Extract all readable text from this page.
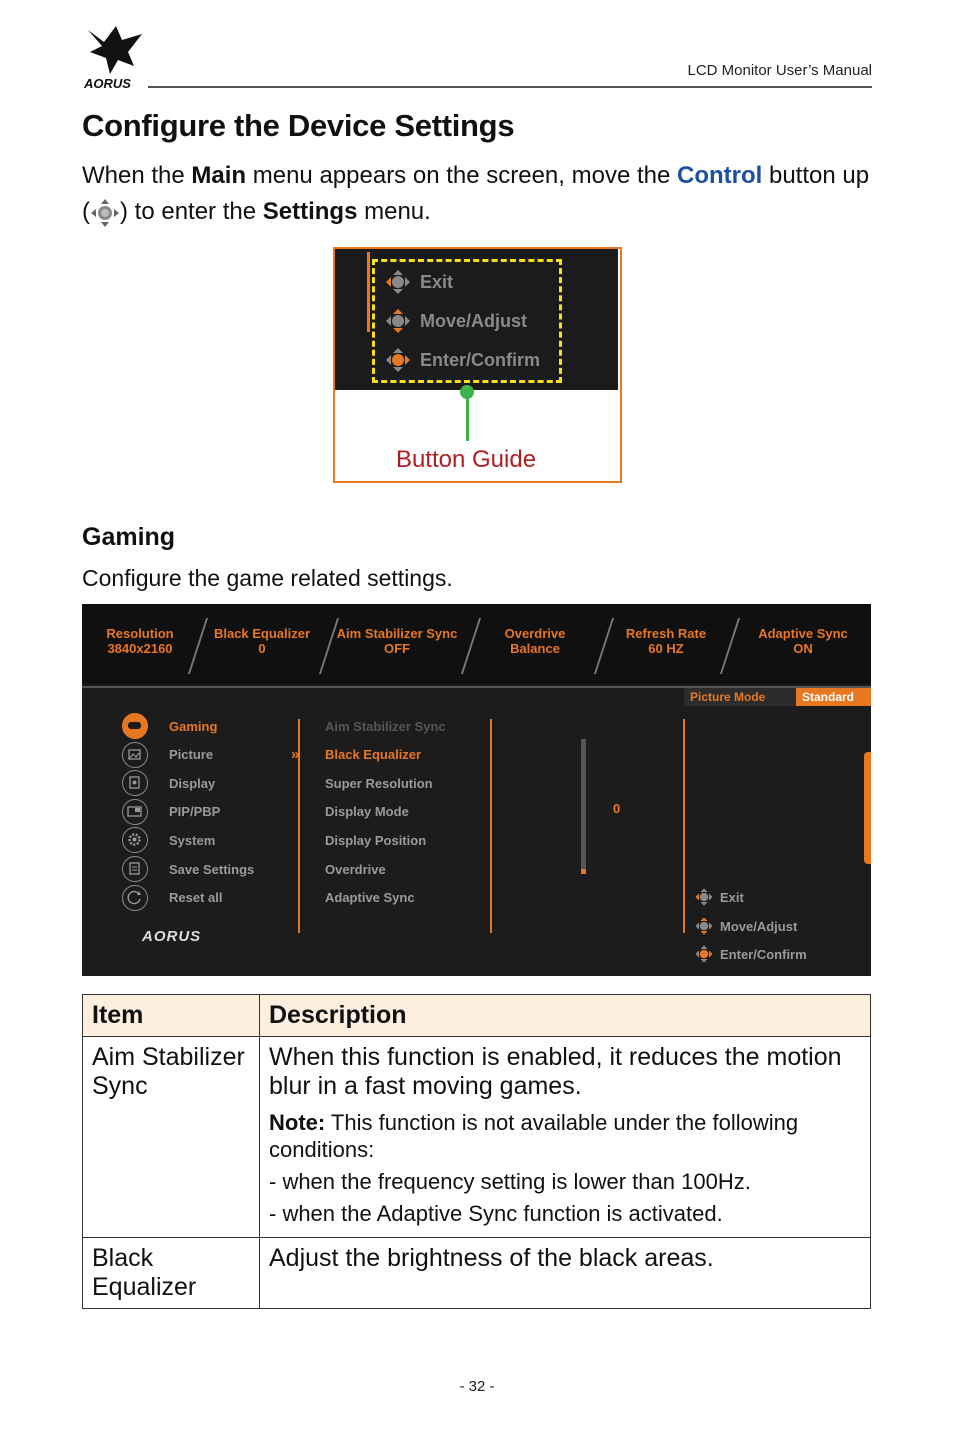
AORUS
LCD Monitor User’s Manual
Configure the Device Settings
When the Main menu appears on the screen, move the Control button up ( ) to enter the Settings menu.
Exit
Move/Adjust
Enter/Confirm
Button Guide
Gaming
Configure the game related settings.
Resolution
3840x2160
Black Equalizer
0
Aim Stabilizer Sync
OFF
Overdrive
Balance
Refresh Rate
60 HZ
Adaptive Sync
ON
Picture Mode	Standard
Gaming
Picture
Display
PIP/PBP
System
Save Settings
Reset all
»
Aim Stabilizer Sync
Black Equalizer
Super Resolution
Display Mode
Display Position
Overdrive
Adaptive Sync
0
Exit
Move/Adjust
Enter/Confirm
AORUS
Item	Description

Aim Stabilizer Sync	When this function is enabled, it reduces the motion blur in a fast moving games.

Note: This function is not available under the following conditions:

- when the frequency setting is lower than 100Hz.

- when the Adaptive Sync function is activated.

Black Equalizer	Adjust the brightness of the black areas.

- 32 -
